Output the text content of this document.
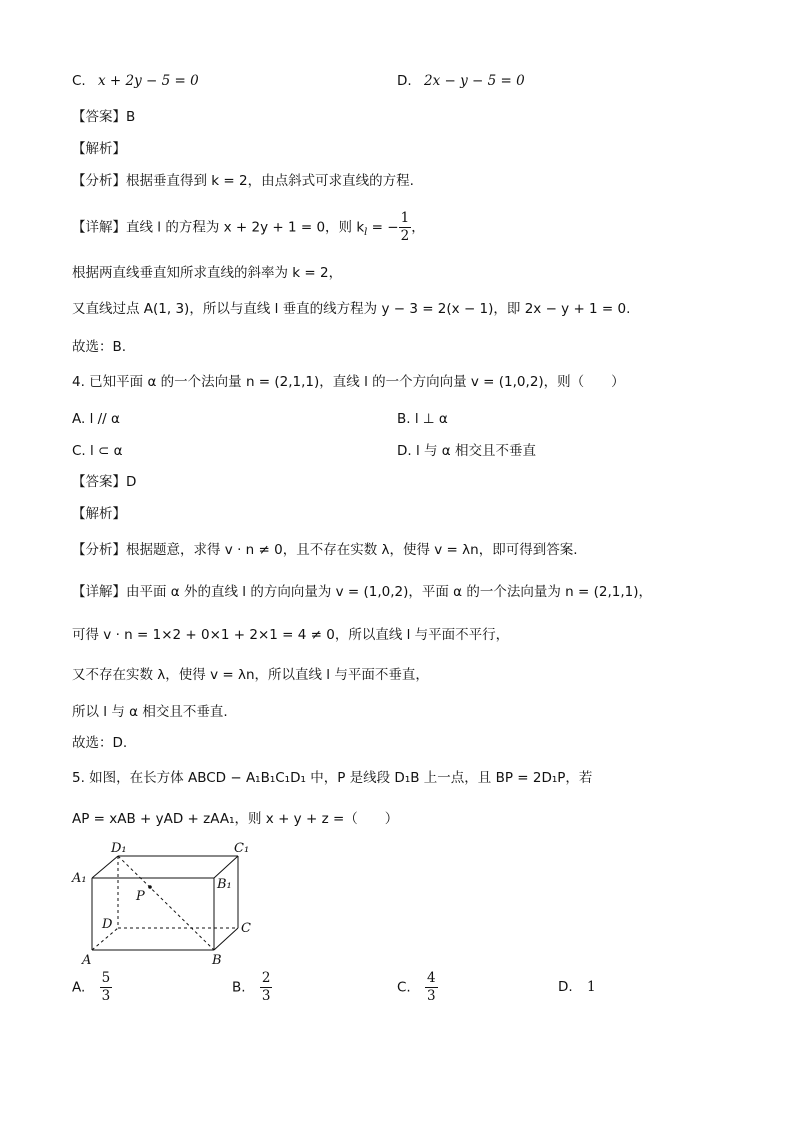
C. x + 2y − 5 = 0	D. 2x − y − 5 = 0
【答案】B
【解析】
【分析】根据垂直得到 k = 2，由点斜式可求直线的方程.
【详解】直线 l 的方程为 x + 2y + 1 = 0，则 $k_l$ = − $\frac{1}{2}$ ，
根据两直线垂直知所求直线的斜率为 k = 2，
又直线过点 A(1, 3)，所以与直线 l 垂直的线方程为 y − 3 = 2(x − 1)，即 2x − y + 1 = 0.
故选：B.
4. 已知平面 α 的一个法向量 n = (2,1,1)，直线 l 的一个方向向量 v = (1,0,2)，则（　　）
A. l // α	B. l ⊥ α
C. l ⊂ α	D. l 与 α 相交且不垂直
【答案】D
【解析】
【分析】根据题意，求得 v · n ≠ 0，且不存在实数 λ，使得 v = λn，即可得到答案.
【详解】由平面 α 外的直线 l 的方向向量为 v = (1,0,2)，平面 α 的一个法向量为 n = (2,1,1)，
可得 v · n = 1×2 + 0×1 + 2×1 = 4 ≠ 0，所以直线 l 与平面不平行，
又不存在实数 λ，使得 v = λn，所以直线 l 与平面不垂直，
所以 l 与 α 相交且不垂直.
故选：D.
5. 如图，在长方体 ABCD − A₁B₁C₁D₁ 中，P 是线段 D₁B 上一点，且 BP = 2D₁P，若
AP = xAB + yAD + zAA₁，则 x + y + z =（　　）
D₁	C₁
A₁	B₁
P
D	C
A	B
A. $\frac{5}{3}$	B. $\frac{2}{3}$	C. $\frac{4}{3}$	D. 1
